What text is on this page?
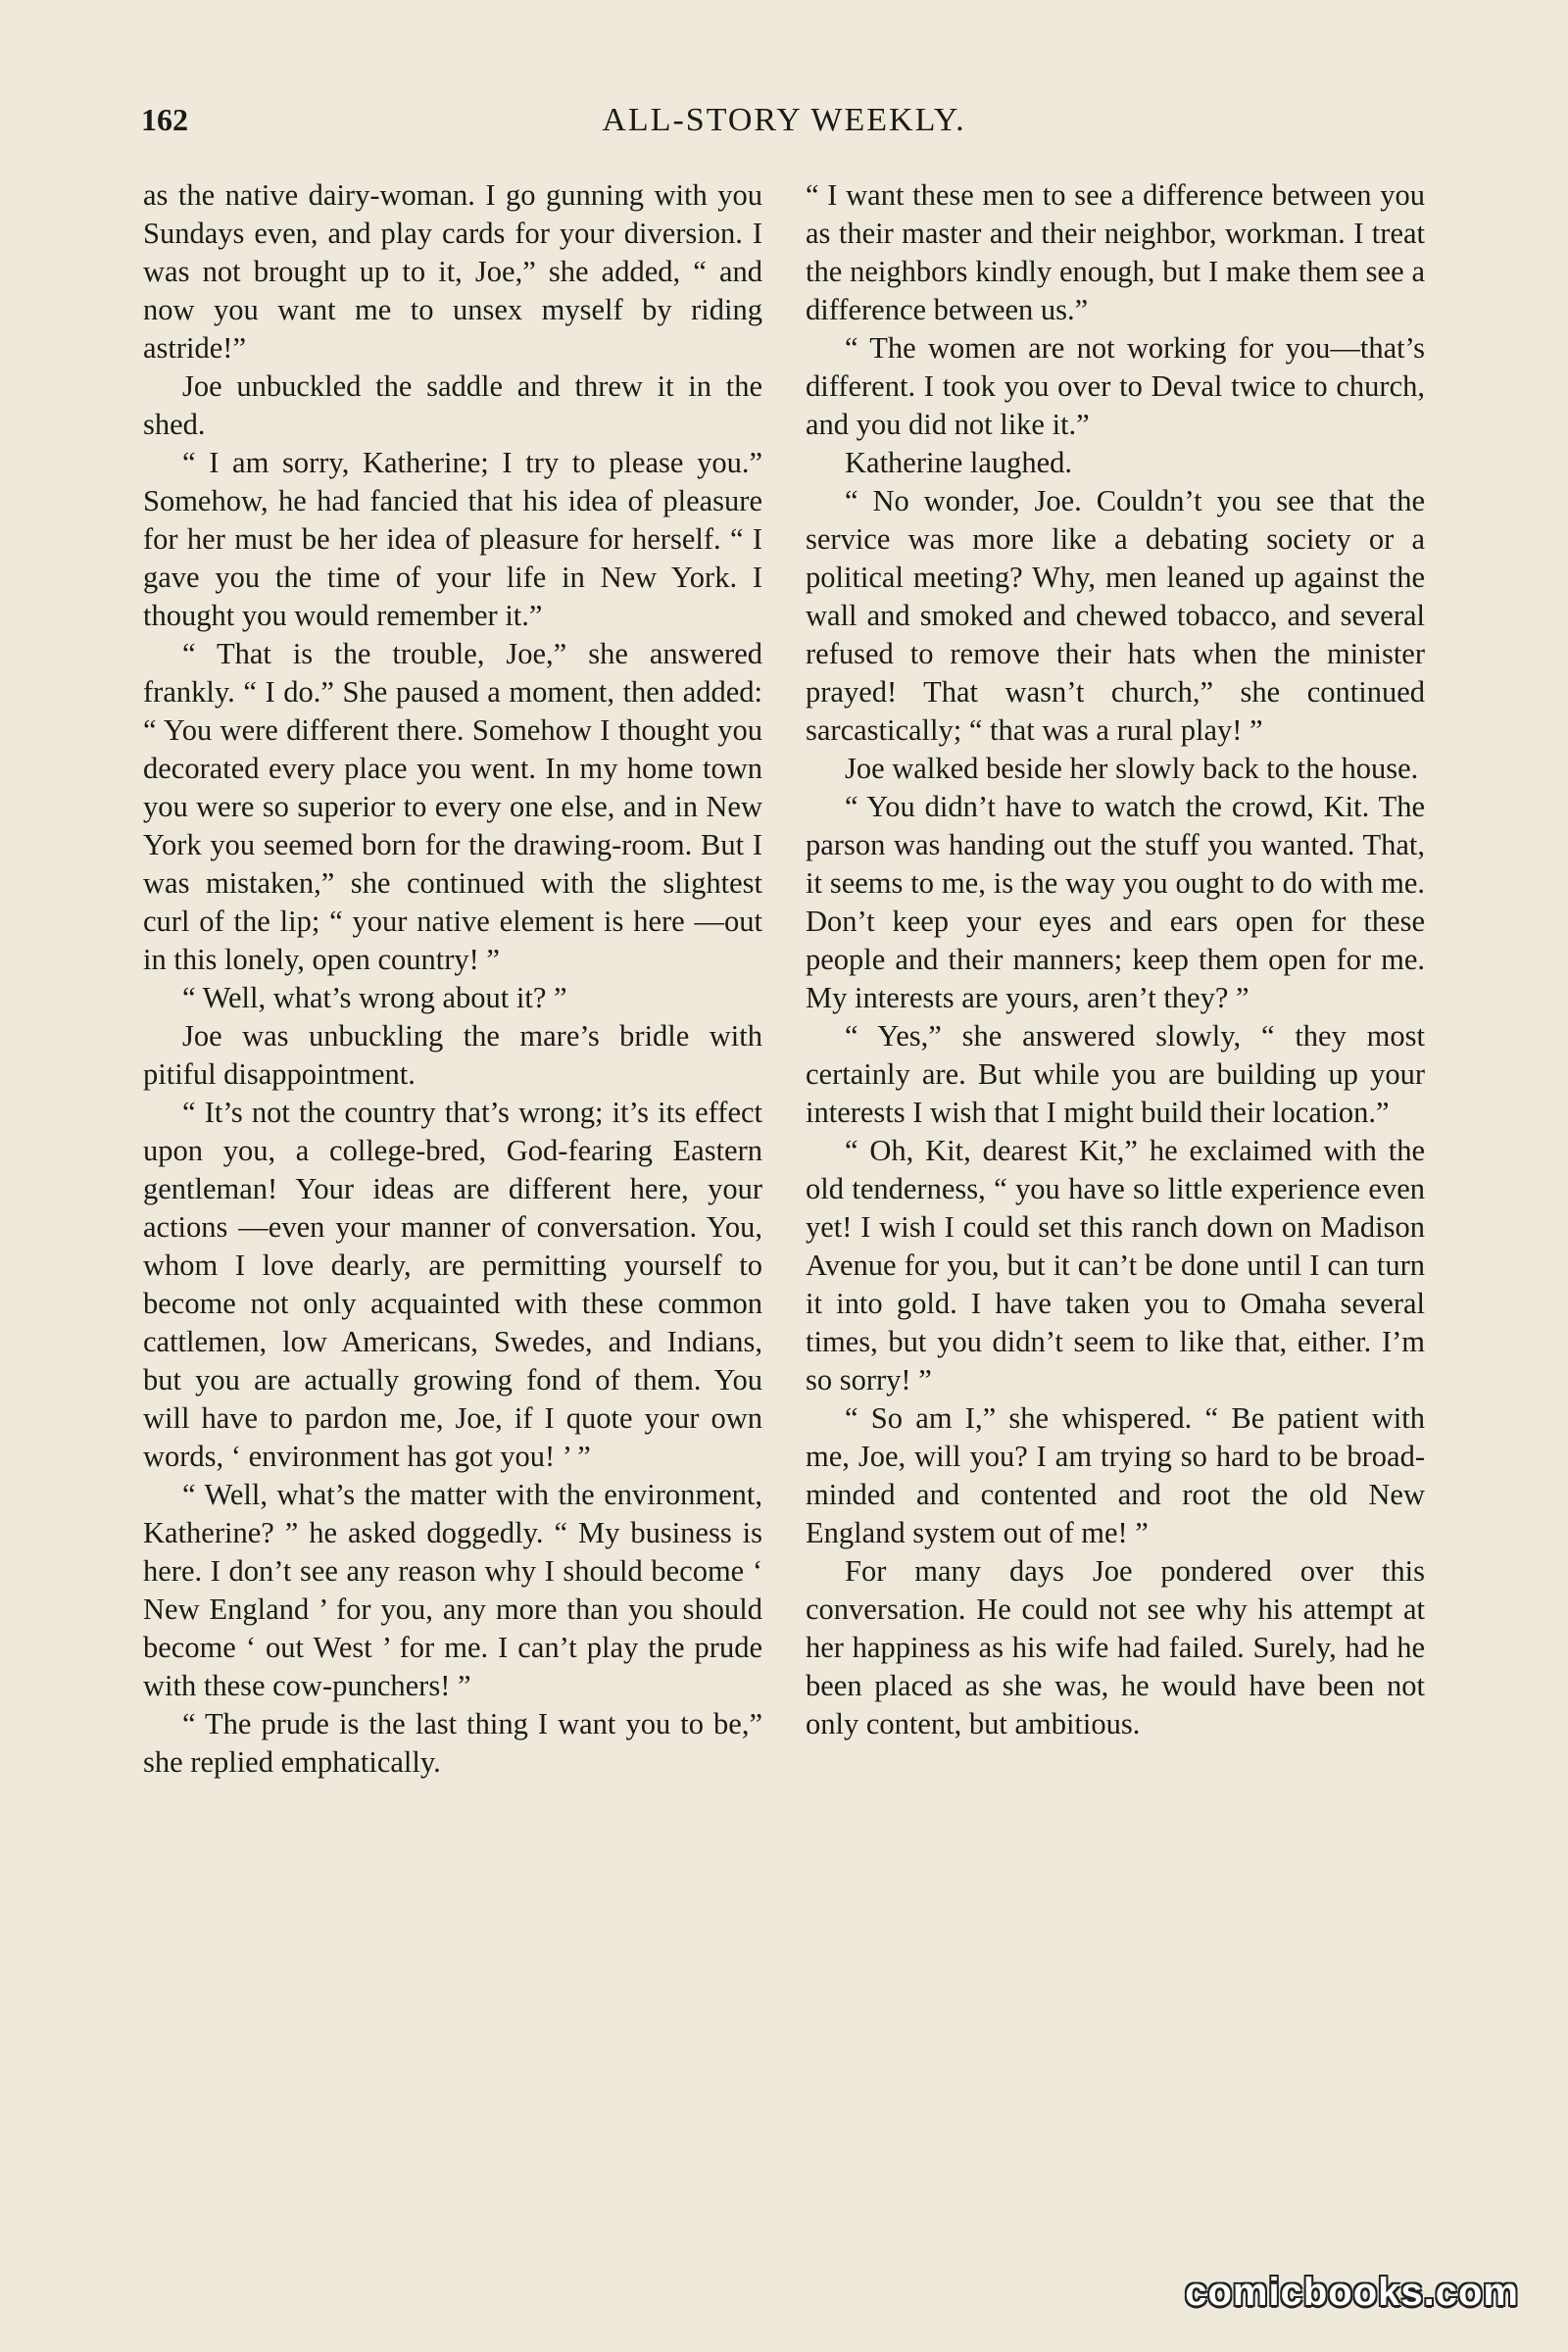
162	ALL-STORY WEEKLY.

as the native dairy-woman. I go gunning with you Sundays even, and play cards for your diversion. I was not brought up to it, Joe,” she added, “ and now you want me to unsex myself by riding astride!”

Joe unbuckled the saddle and threw it in the shed.

“ I am sorry, Katherine; I try to please you.” Somehow, he had fancied that his idea of pleasure for her must be her idea of pleasure for herself. “ I gave you the time of your life in New York. I thought you would remember it.”

“ That is the trouble, Joe,” she answered frankly. “ I do.” She paused a moment, then added: “ You were different there. Somehow I thought you decorated every place you went. In my home town you were so superior to every one else, and in New York you seemed born for the drawing-room. But I was mistaken,” she continued with the slightest curl of the lip; “ your native element is here —out in this lonely, open country! ”

“ Well, what’s wrong about it? ”

Joe was unbuckling the mare’s bridle with pitiful disappointment.

“ It’s not the country that’s wrong; it’s its effect upon you, a college-bred, God-fearing Eastern gentleman! Your ideas are different here, your actions —even your manner of conversation. You, whom I love dearly, are permitting yourself to become not only acquainted with these common cattlemen, low Americans, Swedes, and Indians, but you are actually growing fond of them. You will have to pardon me, Joe, if I quote your own words, ‘ environment has got you! ’ ”

“ Well, what’s the matter with the environment, Katherine? ” he asked doggedly. “ My business is here. I don’t see any reason why I should become ‘ New England ’ for you, any more than you should become ‘ out West ’ for me. I can’t play the prude with these cow-punchers! ”

“ The prude is the last thing I want you to be,” she replied emphatically.

“ I want these men to see a difference between you as their master and their neighbor, workman. I treat the neighbors kindly enough, but I make them see a difference between us.”

“ The women are not working for you—that’s different. I took you over to Deval twice to church, and you did not like it.”

Katherine laughed.

“ No wonder, Joe. Couldn’t you see that the service was more like a debating society or a political meeting? Why, men leaned up against the wall and smoked and chewed tobacco, and several refused to remove their hats when the minister prayed! That wasn’t church,” she continued sarcastically; “ that was a rural play! ”

Joe walked beside her slowly back to the house.

“ You didn’t have to watch the crowd, Kit. The parson was handing out the stuff you wanted. That, it seems to me, is the way you ought to do with me. Don’t keep your eyes and ears open for these people and their manners; keep them open for me. My interests are yours, aren’t they? ”

“ Yes,” she answered slowly, “ they most certainly are. But while you are building up your interests I wish that I might build their location.”

“ Oh, Kit, dearest Kit,” he exclaimed with the old tenderness, “ you have so little experience even yet! I wish I could set this ranch down on Madison Avenue for you, but it can’t be done until I can turn it into gold. I have taken you to Omaha several times, but you didn’t seem to like that, either. I’m so sorry! ”

“ So am I,” she whispered. “ Be patient with me, Joe, will you? I am trying so hard to be broad-minded and contented and root the old New England system out of me! ”

For many days Joe pondered over this conversation. He could not see why his attempt at her happiness as his wife had failed. Surely, had he been placed as she was, he would have been not only content, but ambitious.

comicbooks.com
